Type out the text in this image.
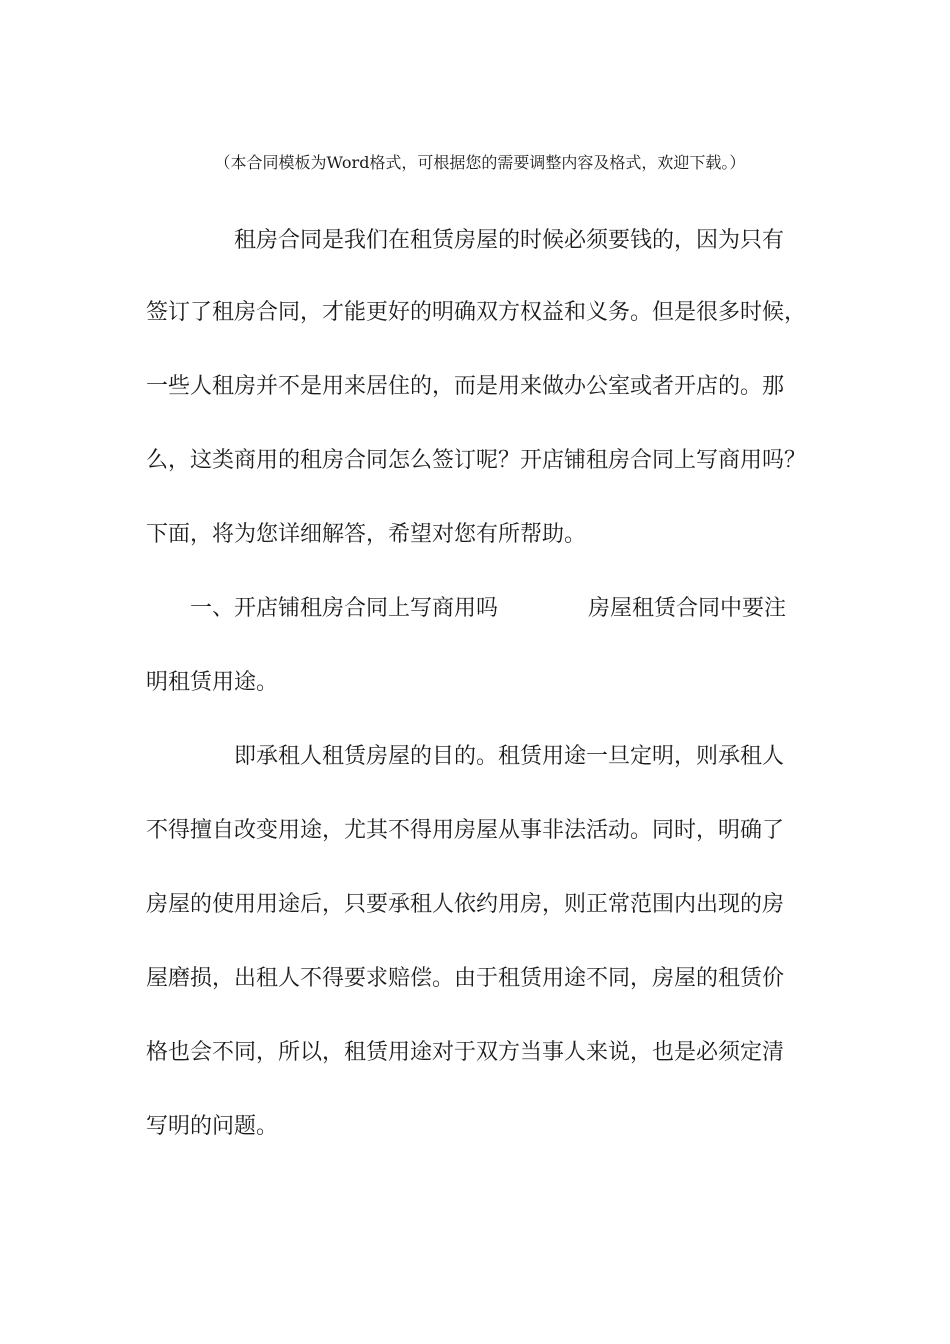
（本合同模板为Word格式，可根据您的需要调整内容及格式，欢迎下载。）
租房合同是我们在租赁房屋的时候必须要钱的，因为只有
签订了租房合同，才能更好的明确双方权益和义务。但是很多时候，
一些人租房并不是用来居住的，而是用来做办公室或者开店的。那
么，这类商用的租房合同怎么签订呢？开店铺租房合同上写商用吗？
下面，将为您详细解答，希望对您有所帮助。
一、开店铺租房合同上写商用吗	房屋租赁合同中要注
明租赁用途。
即承租人租赁房屋的目的。租赁用途一旦定明，则承租人
不得擅自改变用途，尤其不得用房屋从事非法活动。同时，明确了
房屋的使用用途后，只要承租人依约用房，则正常范围内出现的房
屋磨损，出租人不得要求赔偿。由于租赁用途不同，房屋的租赁价
格也会不同，所以，租赁用途对于双方当事人来说，也是必须定清
写明的问题。
